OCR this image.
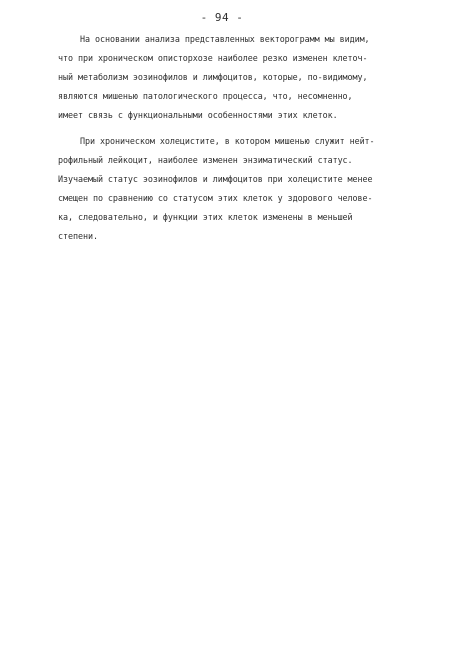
- 94 -
На основании анализа представленных векторограмм мы видим,
что при хроническом описторхозе наиболее резко изменен клеточ-
ный метаболизм эозинофилов и лимфоцитов, которые, по-видимому,
являются мишенью патологического процесса, что, несомненно,
имеет связь с функциональными особенностями этих клеток.
При хроническом холецистите, в котором мишенью служит нейт-
рофильный лейкоцит, наиболее изменен энзиматический статус.
Изучаемый статус эозинофилов и лимфоцитов при холецистите менее
смещен по сравнению со статусом этих клеток у здорового челове-
ка, следовательно, и функции этих клеток изменены в меньшей
степени.
